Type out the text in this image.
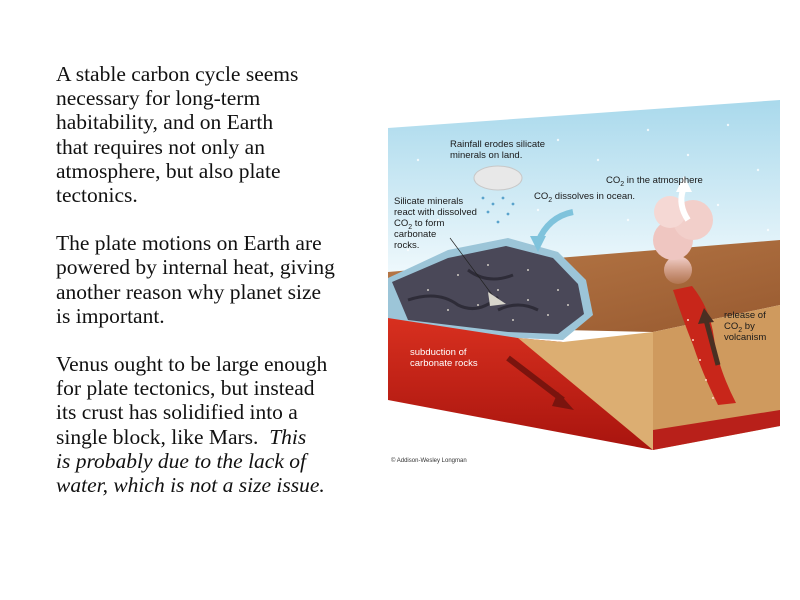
A stable carbon cycle seems
necessary for long-term
habitability, and on Earth
that requires not only an
atmosphere, but also plate
tectonics.

The plate motions on Earth are
powered by internal heat, giving
another reason why planet size
is important.

Venus ought to be large enough
for plate tectonics, but instead
its crust has solidified into a
single block, like Mars. This
is probably due to the lack of
water, which is not a size issue.

Rainfall erodes silicate
minerals on land.
$CO_2$ in the atmosphere
$CO_2$ dissolves in ocean.
Silicate minerals
react with dissolved
$CO_2$ to form
carbonate
rocks.
release of
$CO_2$ by
volcanism
subduction of
carbonate rocks
© Addison-Wesley Longman
